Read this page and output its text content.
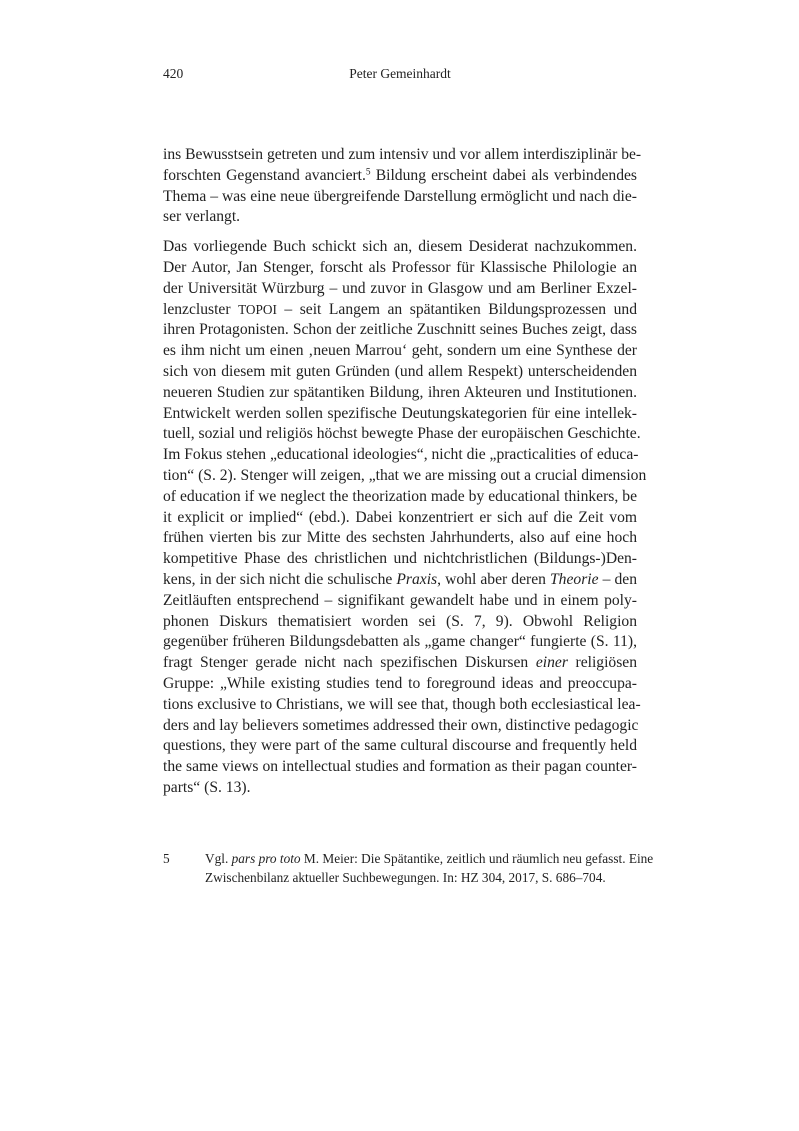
420	Peter Gemeinhardt
ins Bewusstsein getreten und zum intensiv und vor allem interdisziplinär be-
forschten Gegenstand avanciert.$^5$ Bildung erscheint dabei als verbindendes
Thema – was eine neue übergreifende Darstellung ermöglicht und nach die-
ser verlangt.
Das vorliegende Buch schickt sich an, diesem Desiderat nachzukommen.
Der Autor, Jan Stenger, forscht als Professor für Klassische Philologie an
der Universität Würzburg – und zuvor in Glasgow und am Berliner Exzel-
lenzcluster TOPOI – seit Langem an spätantiken Bildungsprozessen und
ihren Protagonisten. Schon der zeitliche Zuschnitt seines Buches zeigt, dass
es ihm nicht um einen ‚neuen Marrou‘ geht, sondern um eine Synthese der
sich von diesem mit guten Gründen (und allem Respekt) unterscheidenden
neueren Studien zur spätantiken Bildung, ihren Akteuren und Institutionen.
Entwickelt werden sollen spezifische Deutungskategorien für eine intellek-
tuell, sozial und religiös höchst bewegte Phase der europäischen Geschichte.
Im Fokus stehen „educational ideologies“, nicht die „practicalities of educa-
tion“ (S. 2). Stenger will zeigen, „that we are missing out a crucial dimension
of education if we neglect the theorization made by educational thinkers, be
it explicit or implied“ (ebd.). Dabei konzentriert er sich auf die Zeit vom
frühen vierten bis zur Mitte des sechsten Jahrhunderts, also auf eine hoch
kompetitive Phase des christlichen und nichtchristlichen (Bildungs-)Den-
kens, in der sich nicht die schulische Praxis, wohl aber deren Theorie – den
Zeitläuften entsprechend – signifikant gewandelt habe und in einem poly-
phonen Diskurs thematisiert worden sei (S. 7, 9). Obwohl Religion
gegenüber früheren Bildungsdebatten als „game changer“ fungierte (S. 11),
fragt Stenger gerade nicht nach spezifischen Diskursen einer religiösen
Gruppe: „While existing studies tend to foreground ideas and preoccupa-
tions exclusive to Christians, we will see that, though both ecclesiastical lea-
ders and lay believers sometimes addressed their own, distinctive pedagogic
questions, they were part of the same cultural discourse and frequently held
the same views on intellectual studies and formation as their pagan counter-
parts“ (S. 13).
5	Vgl. pars pro toto M. Meier: Die Spätantike, zeitlich und räumlich neu gefasst. Eine
Zwischenbilanz aktueller Suchbewegungen. In: HZ 304, 2017, S. 686–704.
